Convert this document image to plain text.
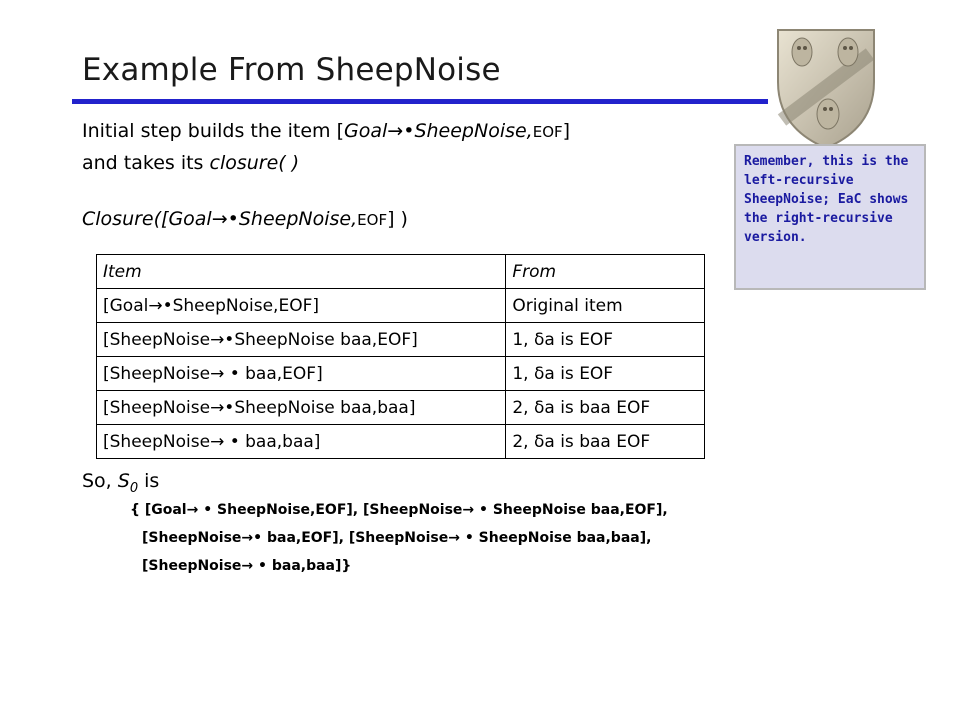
Example From SheepNoise
Remember, this is the left-recursive SheepNoise; EaC shows the right-recursive version.
Initial step builds the item [Goal→•SheepNoise,EOF]
and takes its closure( )
Closure([Goal→•SheepNoise,EOF] )
Item	From
[Goal→•SheepNoise,EOF]	Original item
[SheepNoise→•SheepNoise baa,EOF]	1, δa is EOF
[SheepNoise→ • baa,EOF]	1, δa is EOF
[SheepNoise→•SheepNoise baa,baa]	2, δa is baa EOF
[SheepNoise→ • baa,baa]	2, δa is baa EOF
So, $S_0$ is
{ [Goal→ • SheepNoise,EOF], [SheepNoise→ • SheepNoise baa,EOF],
[SheepNoise→• baa,EOF], [SheepNoise→ • SheepNoise baa,baa],
[SheepNoise→ • baa,baa]}
